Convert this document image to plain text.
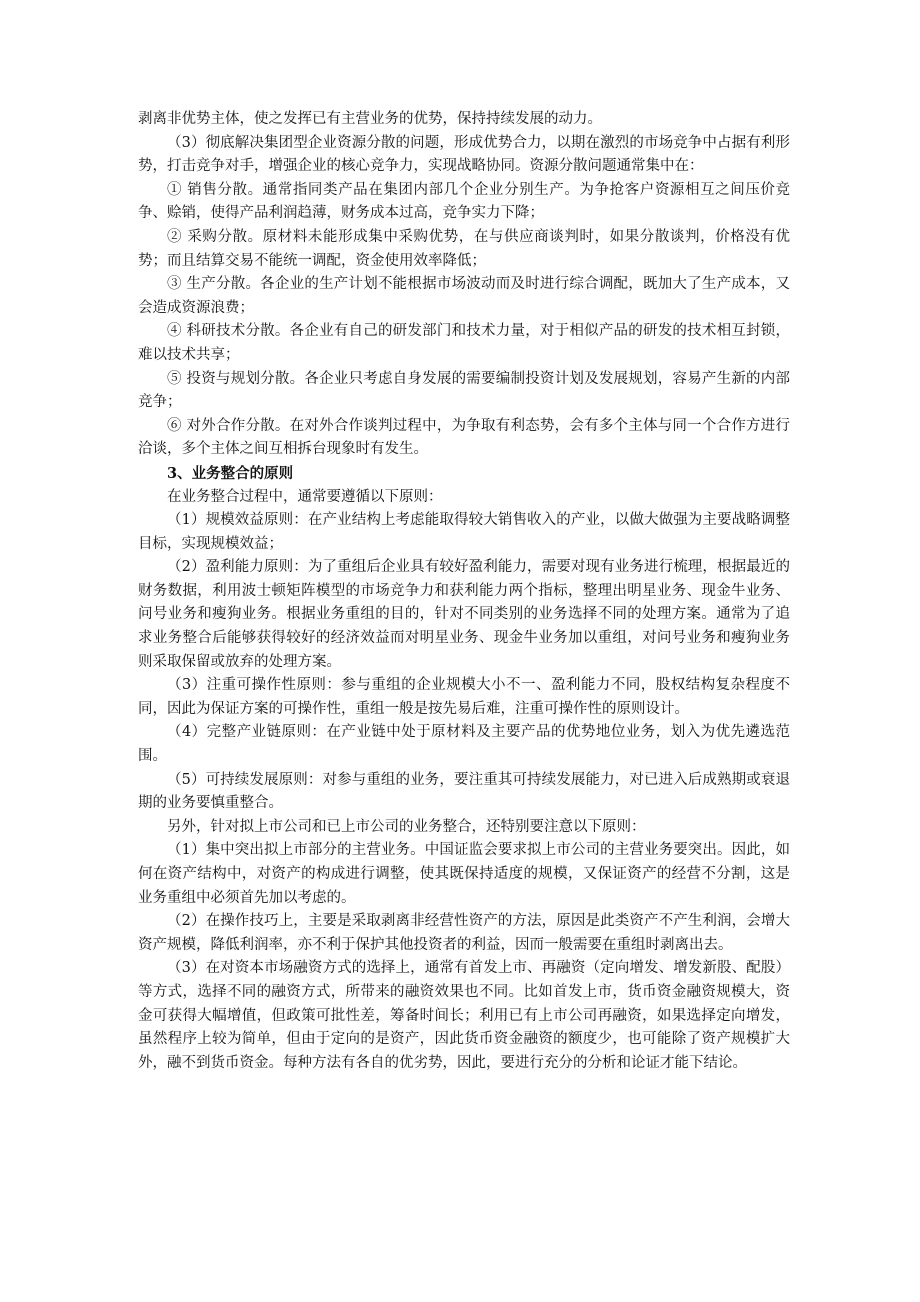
剥离非优势主体，使之发挥已有主营业务的优势，保持持续发展的动力。

（3）彻底解决集团型企业资源分散的问题，形成优势合力，以期在激烈的市场竞争中占据有利形势，打击竞争对手，增强企业的核心竞争力，实现战略协同。资源分散问题通常集中在：

① 销售分散。通常指同类产品在集团内部几个企业分别生产。为争抢客户资源相互之间压价竞争、赊销，使得产品利润趋薄，财务成本过高，竞争实力下降；

② 采购分散。原材料未能形成集中采购优势，在与供应商谈判时，如果分散谈判，价格没有优势；而且结算交易不能统一调配，资金使用效率降低；

③ 生产分散。各企业的生产计划不能根据市场波动而及时进行综合调配，既加大了生产成本，又会造成资源浪费；

④ 科研技术分散。各企业有自己的研发部门和技术力量，对于相似产品的研发的技术相互封锁，难以技术共享；

⑤ 投资与规划分散。各企业只考虑自身发展的需要编制投资计划及发展规划，容易产生新的内部竞争；

⑥ 对外合作分散。在对外合作谈判过程中，为争取有利态势，会有多个主体与同一个合作方进行洽谈，多个主体之间互相拆台现象时有发生。

3、业务整合的原则

在业务整合过程中，通常要遵循以下原则：

（1）规模效益原则：在产业结构上考虑能取得较大销售收入的产业，以做大做强为主要战略调整目标，实现规模效益；

（2）盈利能力原则：为了重组后企业具有较好盈利能力，需要对现有业务进行梳理，根据最近的财务数据，利用波士顿矩阵模型的市场竞争力和获利能力两个指标，整理出明星业务、现金牛业务、问号业务和瘦狗业务。根据业务重组的目的，针对不同类别的业务选择不同的处理方案。通常为了追求业务整合后能够获得较好的经济效益而对明星业务、现金牛业务加以重组，对问号业务和瘦狗业务则采取保留或放弃的处理方案。

（3）注重可操作性原则：参与重组的企业规模大小不一、盈利能力不同，股权结构复杂程度不同，因此为保证方案的可操作性，重组一般是按先易后难，注重可操作性的原则设计。

（4）完整产业链原则：在产业链中处于原材料及主要产品的优势地位业务，划入为优先遴选范围。

（5）可持续发展原则：对参与重组的业务，要注重其可持续发展能力，对已进入后成熟期或衰退期的业务要慎重整合。

另外，针对拟上市公司和已上市公司的业务整合，还特别要注意以下原则：

（1）集中突出拟上市部分的主营业务。中国证监会要求拟上市公司的主营业务要突出。因此，如何在资产结构中，对资产的构成进行调整，使其既保持适度的规模，又保证资产的经营不分割，这是业务重组中必须首先加以考虑的。

（2）在操作技巧上，主要是采取剥离非经营性资产的方法，原因是此类资产不产生利润，会增大资产规模，降低利润率，亦不利于保护其他投资者的利益，因而一般需要在重组时剥离出去。

（3）在对资本市场融资方式的选择上，通常有首发上市、再融资（定向增发、增发新股、配股）等方式，选择不同的融资方式，所带来的融资效果也不同。比如首发上市，货币资金融资规模大，资金可获得大幅增值，但政策可批性差，筹备时间长；利用已有上市公司再融资，如果选择定向增发，虽然程序上较为简单，但由于定向的是资产，因此货币资金融资的额度少，也可能除了资产规模扩大外，融不到货币资金。每种方法有各自的优劣势，因此，要进行充分的分析和论证才能下结论。
